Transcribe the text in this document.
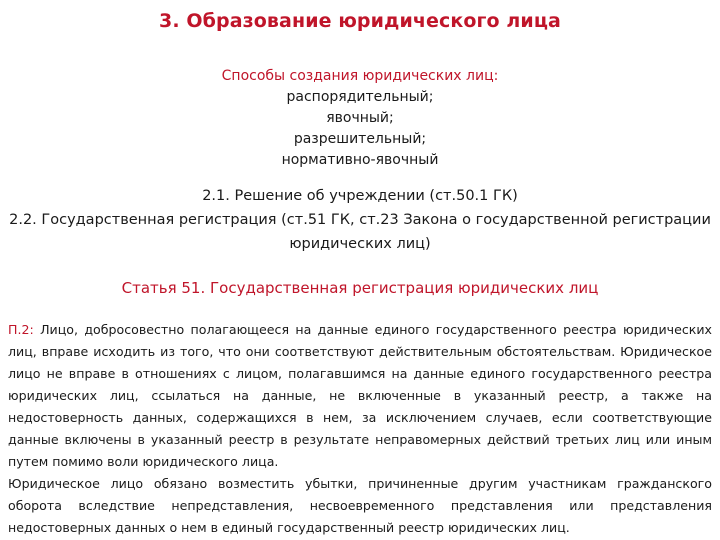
3. Образование юридического лица
Способы создания юридических лиц:
распорядительный;
явочный;
разрешительный;
нормативно-явочный
2.1. Решение об учреждении (ст.50.1 ГК)
2.2. Государственная регистрация (ст.51 ГК, ст.23 Закона о государственной регистрации
юридических лиц)
Статья 51. Государственная регистрация юридических лиц

П.2: Лицо, добросовестно полагающееся на данные единого государственного реестра юридических лиц, вправе исходить из того, что они соответствуют действительным обстоятельствам. Юридическое лицо не вправе в отношениях с лицом, полагавшимся на данные единого государственного реестра юридических лиц, ссылаться на данные, не включенные в указанный реестр, а также на недостоверность данных, содержащихся в нем, за исключением случаев, если соответствующие данные включены в указанный реестр в результате неправомерных действий третьих лиц или иным путем помимо воли юридического лица.

Юридическое лицо обязано возместить убытки, причиненные другим участникам гражданского оборота вследствие непредставления, несвоевременного представления или представления недостоверных данных о нем в единый государственный реестр юридических лиц.
